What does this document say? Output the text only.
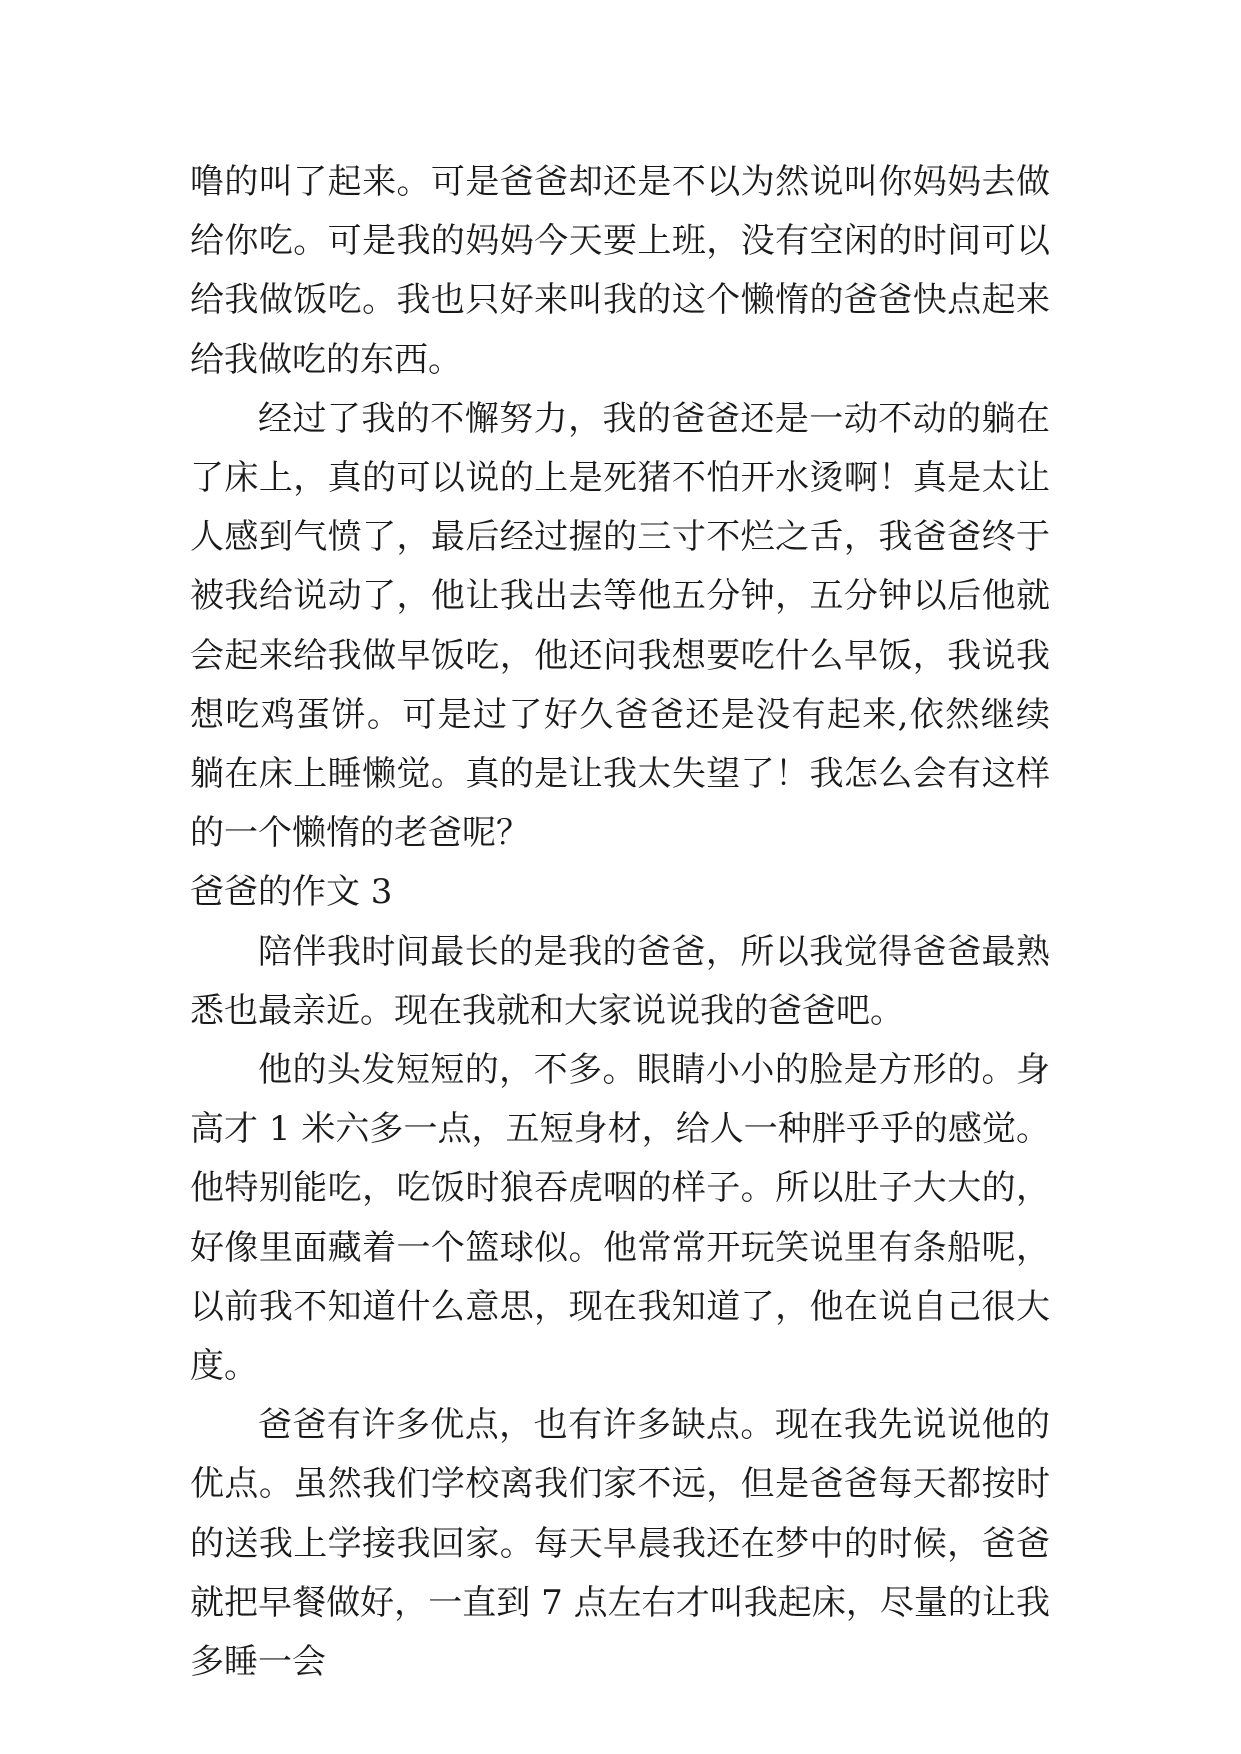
噜的叫了起来。可是爸爸却还是不以为然说叫你妈妈去做给你吃。可是我的妈妈今天要上班，没有空闲的时间可以给我做饭吃。我也只好来叫我的这个懒惰的爸爸快点起来给我做吃的东西。

经过了我的不懈努力，我的爸爸还是一动不动的躺在了床上，真的可以说的上是死猪不怕开水烫啊！真是太让人感到气愤了，最后经过握的三寸不烂之舌，我爸爸终于被我给说动了，他让我出去等他五分钟，五分钟以后他就会起来给我做早饭吃，他还问我想要吃什么早饭，我说我想吃鸡蛋饼。可是过了好久爸爸还是没有起来,依然继续躺在床上睡懒觉。真的是让我太失望了！我怎么会有这样的一个懒惰的老爸呢？

爸爸的作文 3

陪伴我时间最长的是我的爸爸，所以我觉得爸爸最熟悉也最亲近。现在我就和大家说说我的爸爸吧。

他的头发短短的，不多。眼睛小小的脸是方形的。身高才 1 米六多一点，五短身材，给人一种胖乎乎的感觉。他特别能吃，吃饭时狼吞虎咽的样子。所以肚子大大的，好像里面藏着一个篮球似。他常常开玩笑说里有条船呢，以前我不知道什么意思，现在我知道了，他在说自己很大度。

爸爸有许多优点，也有许多缺点。现在我先说说他的优点。虽然我们学校离我们家不远，但是爸爸每天都按时的送我上学接我回家。每天早晨我还在梦中的时候，爸爸就把早餐做好，一直到 7 点左右才叫我起床，尽量的让我多睡一会
